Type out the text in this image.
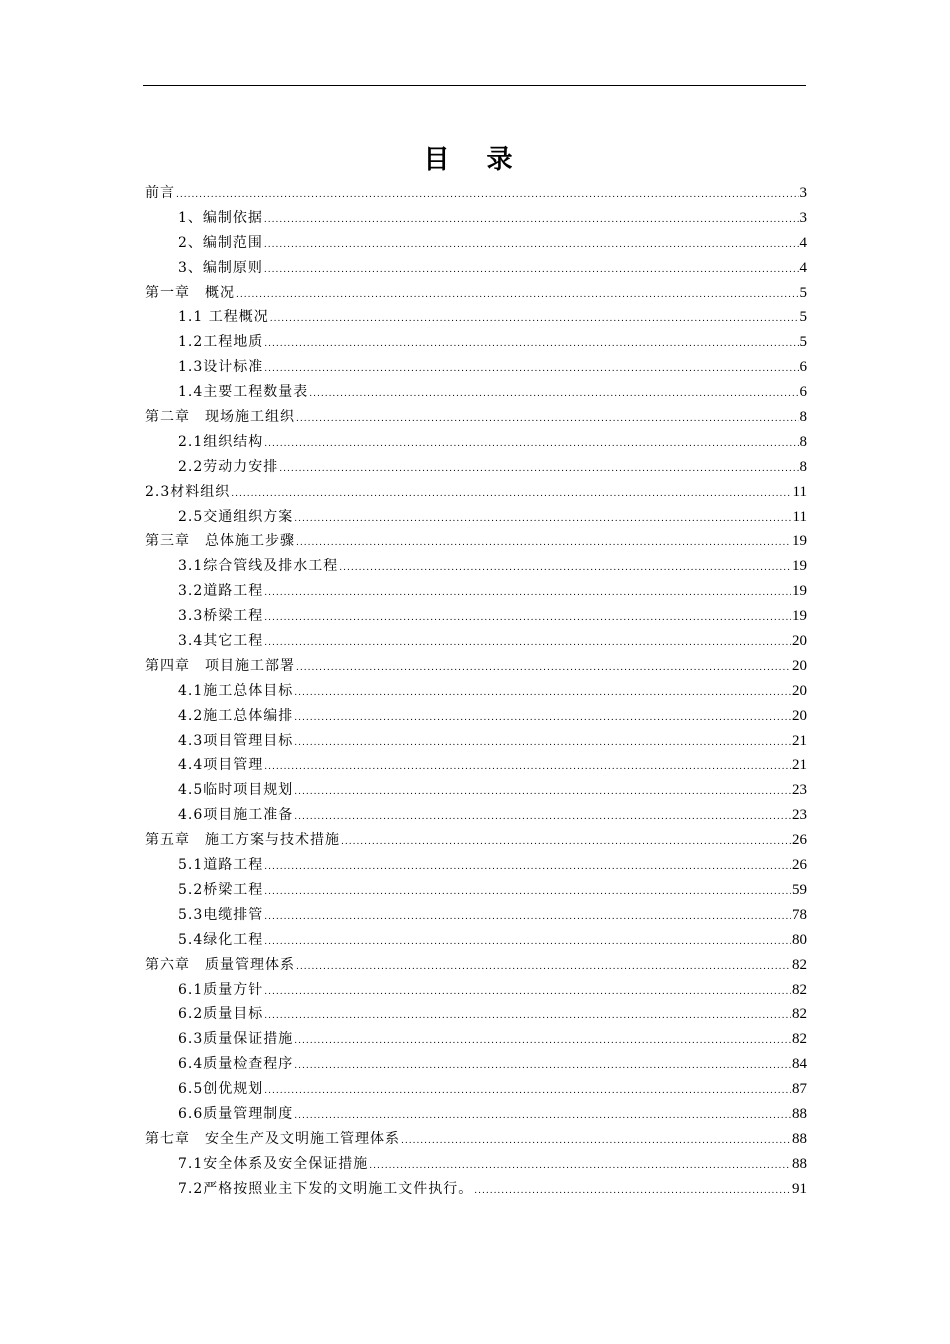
目 录
前言 .....	3
1、编制依据 .....	3
2、编制范围 .....	4
3、编制原则 .....	4
第一章　概况 .....	5
1.1 工程概况 .....	5
1.2工程地质 .....	5
1.3设计标准 .....	6
1.4主要工程数量表 .....	6
第二章　现场施工组织 .....	8
2.1组织结构 .....	8
2.2劳动力安排 .....	8
2.3材料组织 .....	11
2.5交通组织方案 .....	11
第三章　总体施工步骤 .....	19
3.1综合管线及排水工程 .....	19
3.2道路工程 .....	19
3.3桥梁工程 .....	19
3.4其它工程 .....	20
第四章　项目施工部署 .....	20
4.1施工总体目标 .....	20
4.2施工总体编排 .....	20
4.3项目管理目标 .....	21
4.4项目管理 .....	21
4.5临时项目规划 .....	23
4.6项目施工准备 .....	23
第五章　施工方案与技术措施 .....	26
5.1道路工程 .....	26
5.2桥梁工程 .....	59
5.3电缆排管 .....	78
5.4绿化工程 .....	80
第六章　质量管理体系 .....	82
6.1质量方针 .....	82
6.2质量目标 .....	82
6.3质量保证措施 .....	82
6.4质量检查程序 .....	84
6.5创优规划 .....	87
6.6质量管理制度 .....	88
第七章　安全生产及文明施工管理体系 .....	88
7.1安全体系及安全保证措施 .....	88
7.2严格按照业主下发的文明施工文件执行。 .....	91
